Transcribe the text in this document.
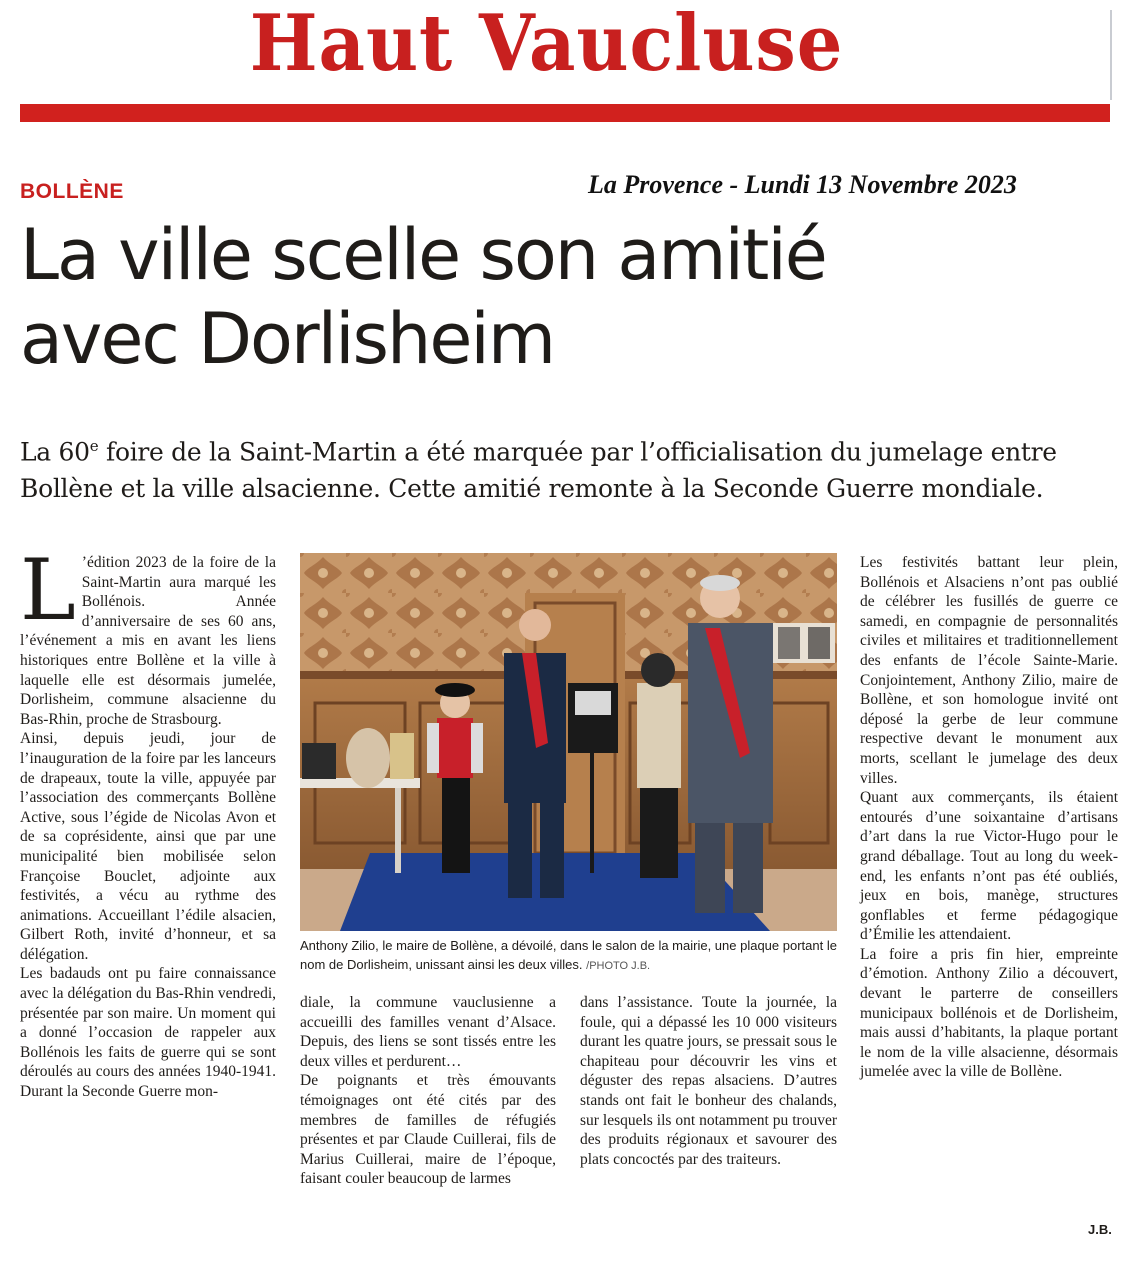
Haut Vaucluse
BOLLÈNE	La Provence - Lundi 13 Novembre 2023
La ville scelle son amitié
avec Dorlisheim
La 60e foire de la Saint-Martin a été marquée par l’officialisation du jumelage entre Bollène et la ville alsacienne. Cette amitié remonte à la Seconde Guerre mondiale.
L ’édition 2023 de la foire de la Saint-Martin aura marqué les Bollénois. Année d’anniversaire de ses 60 ans, l’événement a mis en avant les liens historiques entre Bollène et la ville à laquelle elle est désormais jumelée, Dorlisheim, commune alsacienne du Bas-Rhin, proche de Strasbourg.

Ainsi, depuis jeudi, jour de l’inauguration de la foire par les lanceurs de drapeaux, toute la ville, appuyée par l’association des commerçants Bollène Active, sous l’égide de Nicolas Avon et de sa coprésidente, ainsi que par une municipalité bien mobilisée selon Françoise Bouclet, adjointe aux festivités, a vécu au rythme des animations. Accueillant l’édile alsacien, Gilbert Roth, invité d’honneur, et sa délégation.

Les badauds ont pu faire connaissance avec la délégation du Bas-Rhin vendredi, présentée par son maire. Un moment qui a donné l’occasion de rappeler aux Bollénois les faits de guerre qui se sont déroulés au cours des années 1940-1941. Durant la Seconde Guerre mon-

Anthony Zilio, le maire de Bollène, a dévoilé, dans le salon de la mairie, une plaque portant le nom de Dorlisheim, unissant ainsi les deux villes. /PHOTO J.B.

diale, la commune vauclusienne a accueilli des familles venant d’Alsace. Depuis, des liens se sont tissés entre les deux villes et perdurent…

De poignants et très émouvants témoignages ont été cités par des membres de familles de réfugiés présentes et par Claude Cuillerai, fils de Marius Cuillerai, maire de l’époque, faisant couler beaucoup de larmes

dans l’assistance. Toute la journée, la foule, qui a dépassé les 10 000 visiteurs durant les quatre jours, se pressait sous le chapiteau pour découvrir les vins et déguster des repas alsaciens. D’autres stands ont fait le bonheur des chalands, sur lesquels ils ont notamment pu trouver des produits régionaux et savourer des plats concoctés par des traiteurs.

Les festivités battant leur plein, Bollénois et Alsaciens n’ont pas oublié de célébrer les fusillés de guerre ce samedi, en compagnie de personnalités civiles et militaires et traditionnellement des enfants de l’école Sainte-Marie. Conjointement, Anthony Zilio, maire de Bollène, et son homologue invité ont déposé la gerbe de leur commune respective devant le monument aux morts, scellant le jumelage des deux villes.

Quant aux commerçants, ils étaient entourés d’une soixantaine d’artisans d’art dans la rue Victor-Hugo pour le grand déballage. Tout au long du week-end, les enfants n’ont pas été oubliés, jeux en bois, manège, structures gonflables et ferme pédagogique d’Émilie les attendaient.

La foire a pris fin hier, empreinte d’émotion. Anthony Zilio a découvert, devant le parterre de conseillers municipaux bollénois et de Dorlisheim, mais aussi d’habitants, la plaque portant le nom de la ville alsacienne, désormais jumelée avec la ville de Bollène.

J.B.
